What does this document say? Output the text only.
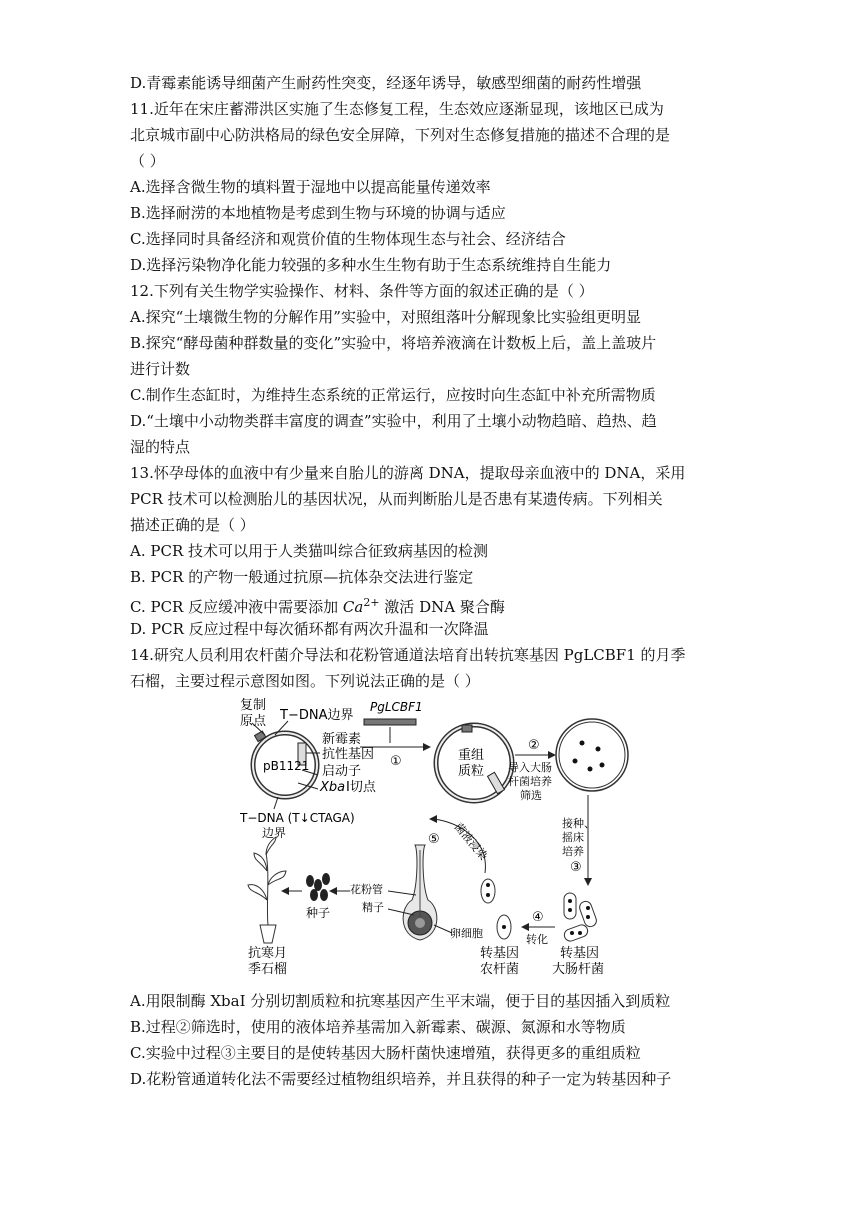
D.青霉素能诱导细菌产生耐药性突变，经逐年诱导，敏感型细菌的耐药性增强
11.近年在宋庄蓄滞洪区实施了生态修复工程，生态效应逐渐显现，该地区已成为
北京城市副中心防洪格局的绿色安全屏障，下列对生态修复措施的描述不合理的是
（ ）
A.选择含微生物的填料置于湿地中以提高能量传递效率
B.选择耐涝的本地植物是考虑到生物与环境的协调与适应
C.选择同时具备经济和观赏价值的生物体现生态与社会、经济结合
D.选择污染物净化能力较强的多种水生生物有助于生态系统维持自生能力
12.下列有关生物学实验操作、材料、条件等方面的叙述正确的是（ ）
A.探究“土壤微生物的分解作用”实验中，对照组落叶分解现象比实验组更明显
B.探究“酵母菌种群数量的变化”实验中，将培养液滴在计数板上后，盖上盖玻片
进行计数
C.制作生态缸时，为维持生态系统的正常运行，应按时向生态缸中补充所需物质
D.“土壤中小动物类群丰富度的调查”实验中，利用了土壤小动物趋暗、趋热、趋
湿的特点
13.怀孕母体的血液中有少量来自胎儿的游离 DNA，提取母亲血液中的 DNA，采用
PCR 技术可以检测胎儿的基因状况，从而判断胎儿是否患有某遗传病。下列相关
描述正确的是（ ）
A. PCR 技术可以用于人类猫叫综合征致病基因的检测
B. PCR 的产物一般通过抗原—抗体杂交法进行鉴定
C. PCR 反应缓冲液中需要添加 $Ca^{2+}$ 激活 DNA 聚合酶
D. PCR 反应过程中每次循环都有两次升温和一次降温
14.研究人员利用农杆菌介导法和花粉管通道法培育出转抗寒基因 PgLCBF1 的月季
石榴，主要过程示意图如图。下列说法正确的是（ ）
复制
原点 T−DNA边界
新霉素
抗性基因
启动子
Xba Ⅰ切点
pB1121
T−DNA (T↓CTAGA)
边界
PgLCBF1
①	重组
质粒
②
导入大肠
杆菌培养
筛选
接种、
摇床
培养
③
转基因
大肠杆菌
④
转化
转基因
农杆菌
⑤ 菌液浸染
花粉管
精子
卵细胞
种子
抗寒月
季石榴
A.用限制酶 XbaI 分别切割质粒和抗寒基因产生平末端，便于目的基因插入到质粒
B.过程②筛选时，使用的液体培养基需加入新霉素、碳源、氮源和水等物质
C.实验中过程③主要目的是使转基因大肠杆菌快速增殖，获得更多的重组质粒
D.花粉管通道转化法不需要经过植物组织培养，并且获得的种子一定为转基因种子
